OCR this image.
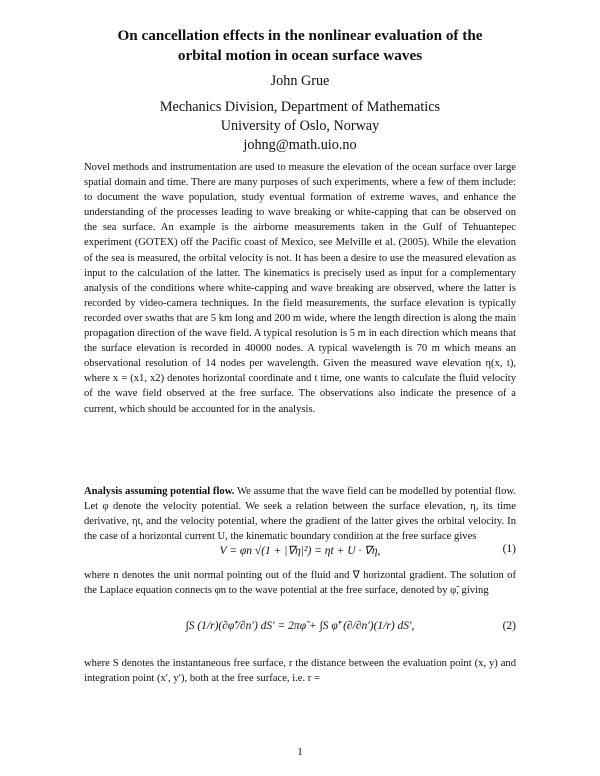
On cancellation effects in the nonlinear evaluation of the
orbital motion in ocean surface waves
John Grue
Mechanics Division, Department of Mathematics
University of Oslo, Norway
johng@math.uio.no
Novel methods and instrumentation are used to measure the elevation of the ocean surface over large spatial domain and time. There are many purposes of such experiments, where a few of them include: to document the wave population, study eventual formation of extreme waves, and enhance the understanding of the processes leading to wave breaking or white-capping that can be observed on the sea surface. An example is the airborne measurements taken in the Gulf of Tehuantepec experiment (GOTEX) off the Pacific coast of Mexico, see Melville et al. (2005). While the elevation of the sea is measured, the orbital velocity is not. It has been a desire to use the measured elevation as input to the calculation of the latter. The kinematics is precisely used as input for a complementary analysis of the conditions where white-capping and wave breaking are observed, where the latter is recorded by video-camera techniques. In the field measurements, the surface elevation is typically recorded over swaths that are 5 km long and 200 m wide, where the length direction is along the main propagation direction of the wave field. A typical resolution is 5 m in each direction which means that the surface elevation is recorded in 40000 nodes. A typical wavelength is 70 m which means an observational resolution of 14 nodes per wavelength. Given the measured wave elevation η(x, t), where x = (x1, x2) denotes horizontal coordinate and t time, one wants to calculate the fluid velocity of the wave field observed at the free surface. The observations also indicate the presence of a current, which should be accounted for in the analysis.
Analysis assuming potential flow. We assume that the wave field can be modelled by potential flow. Let φ denote the velocity potential. We seek a relation between the surface elevation, η, its time derivative, ηt, and the velocity potential, where the gradient of the latter gives the orbital velocity. In the case of a horizontal current U, the kinematic boundary condition at the free surface gives
V = φn √(1 + |∇η|²) = ηt + U · ∇η,	(1)
where n denotes the unit normal pointing out of the fluid and ∇ horizontal gradient. The solution of the Laplace equation connects φn to the wave potential at the free surface, denoted by φ̃, giving
∫S (1/r)(∂φ̃′/∂n′) dS′ = 2πφ̃ + ∫S φ̃′ (∂/∂n′)(1/r) dS′,	(2)
where S denotes the instantaneous free surface, r the distance between the evaluation point (x, y) and integration point (x′, y′), both at the free surface, i.e. r =
1
